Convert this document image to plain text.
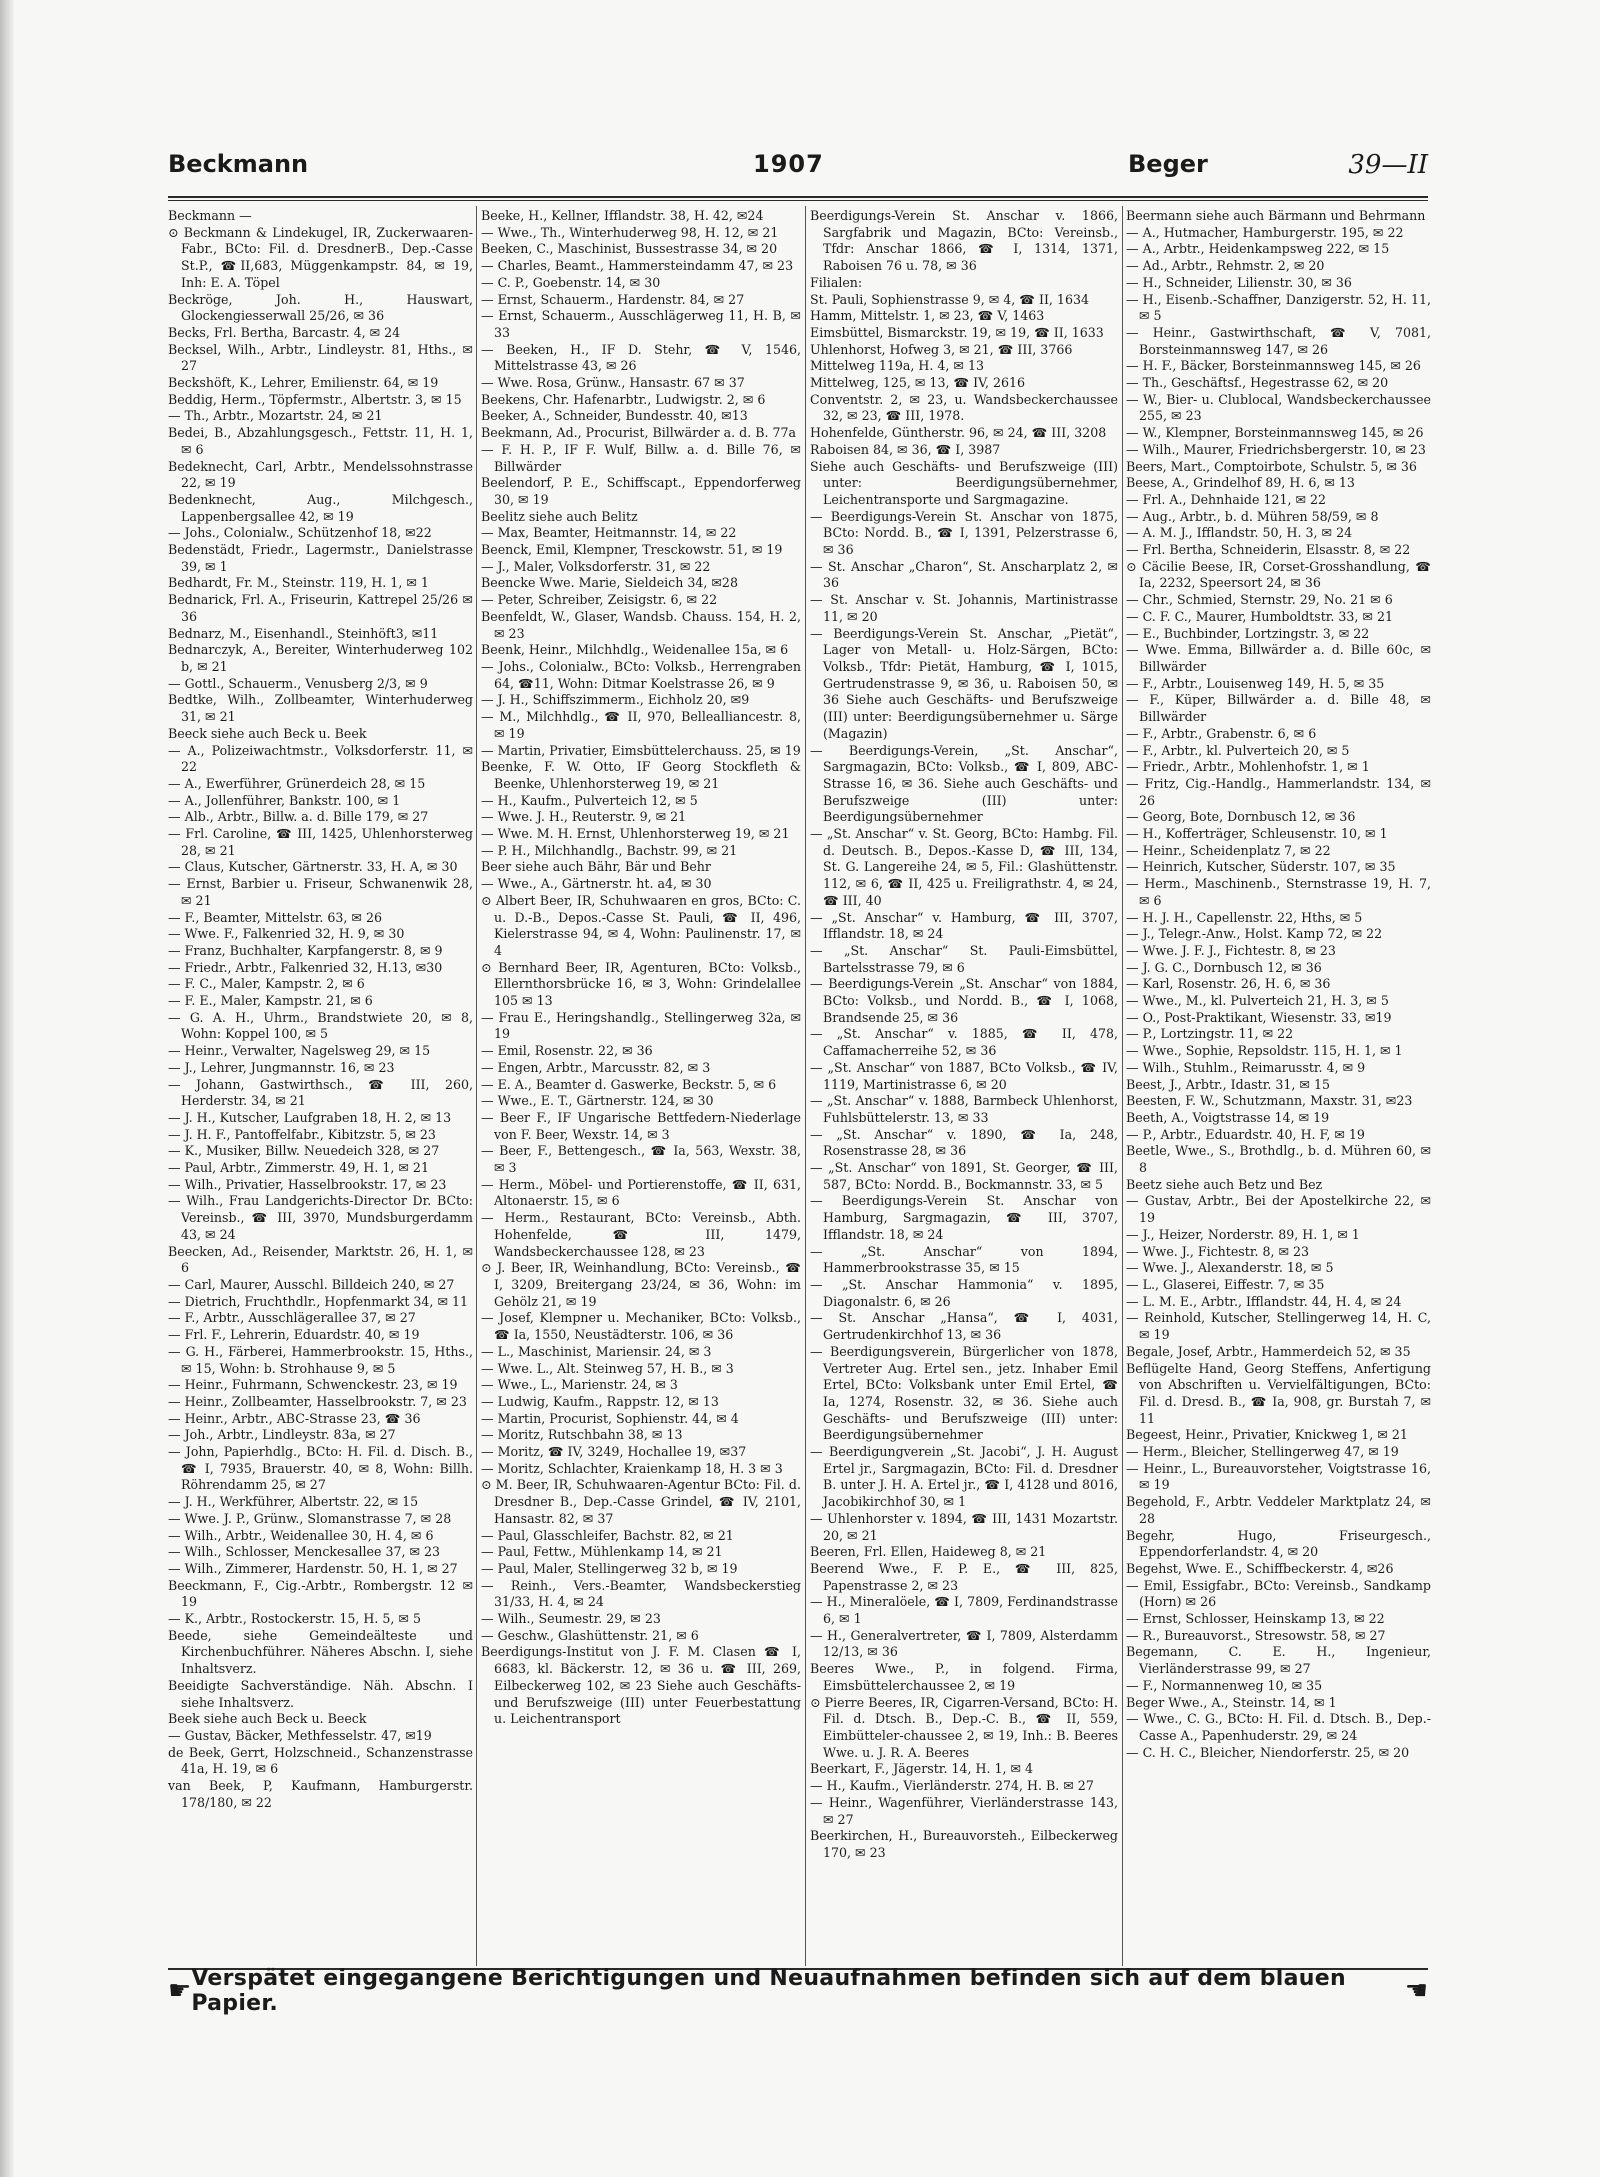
Beckmann	1907	Beger	39—II

Beckmann —

⊙ Beckmann & Lindekugel, IR, Zuckerwaaren-Fabr., BCto: Fil. d. DresdnerB., Dep.-Casse St.P., ☎II,683, Müggenkampstr. 84, ✉ 19, Inh: E. A. Töpel

Beckröge, Joh. H., Hauswart, Glockengiesserwall 25/26, ✉ 36

Becks, Frl. Bertha, Barcastr. 4, ✉ 24

Becksel, Wilh., Arbtr., Lindleystr. 81, Hths., ✉ 27

Beckshöft, K., Lehrer, Emilienstr. 64, ✉ 19

Beddig, Herm., Töpfermstr., Albertstr. 3, ✉ 15

— Th., Arbtr., Mozartstr. 24, ✉ 21

Bedei, B., Abzahlungsgesch., Fettstr. 11, H. 1, ✉ 6

Bedeknecht, Carl, Arbtr., Mendelssohnstrasse 22, ✉ 19

Bedenknecht, Aug., Milchgesch., Lappenbergsallee 42, ✉ 19

— Johs., Colonialw., Schützenhof 18, ✉22

Bedenstädt, Friedr., Lagermstr., Danielstrasse 39, ✉ 1

Bedhardt, Fr. M., Steinstr. 119, H. 1, ✉ 1

Bednarick, Frl. A., Friseurin, Kattrepel 25/26 ✉ 36

Bednarz, M., Eisenhandl., Steinhöft3, ✉11

Bednarczyk, A., Bereiter, Winterhuderweg 102 b, ✉ 21

— Gottl., Schauerm., Venusberg 2/3, ✉ 9

Bedtke, Wilh., Zollbeamter, Winterhuderweg 31, ✉ 21

Beeck siehe auch Beck u. Beek

— A., Polizeiwachtmstr., Volksdorferstr. 11, ✉ 22

— A., Ewerführer, Grünerdeich 28, ✉ 15

— A., Jollenführer, Bankstr. 100, ✉ 1

— Alb., Arbtr., Billw. a. d. Bille 179, ✉ 27

— Frl. Caroline, ☎ III, 1425, Uhlenhorsterweg 28, ✉ 21

— Claus, Kutscher, Gärtnerstr. 33, H. A, ✉ 30

— Ernst, Barbier u. Friseur, Schwanenwik 28, ✉ 21

— F., Beamter, Mittelstr. 63, ✉ 26

— Wwe. F., Falkenried 32, H. 9, ✉ 30

— Franz, Buchhalter, Karpfangerstr. 8, ✉ 9

— Friedr., Arbtr., Falkenried 32, H.13, ✉30

— F. C., Maler, Kampstr. 2, ✉ 6

— F. E., Maler, Kampstr. 21, ✉ 6

— G. A. H., Uhrm., Brandstwiete 20, ✉ 8, Wohn: Koppel 100, ✉ 5

— Heinr., Verwalter, Nagelsweg 29, ✉ 15

— J., Lehrer, Jungmannstr. 16, ✉ 23

— Johann, Gastwirthsch., ☎ III, 260, Herderstr. 34, ✉ 21

— J. H., Kutscher, Laufgraben 18, H. 2, ✉ 13

— J. H. F., Pantoffelfabr., Kibitzstr. 5, ✉ 23

— K., Musiker, Billw. Neuedeich 328, ✉ 27

— Paul, Arbtr., Zimmerstr. 49, H. 1, ✉ 21

— Wilh., Privatier, Hasselbrookstr. 17, ✉ 23

— Wilh., Frau Landgerichts-Director Dr. BCto: Vereinsb., ☎ III, 3970, Mundsburgerdamm 43, ✉ 24

Beecken, Ad., Reisender, Marktstr. 26, H. 1, ✉ 6

— Carl, Maurer, Ausschl. Billdeich 240, ✉ 27

— Dietrich, Fruchthdlr., Hopfenmarkt 34, ✉ 11

— F., Arbtr., Ausschlägerallee 37, ✉ 27

— Frl. F., Lehrerin, Eduardstr. 40, ✉ 19

— G. H., Färberei, Hammerbrookstr. 15, Hths., ✉ 15, Wohn: b. Strohhause 9, ✉ 5

— Heinr., Fuhrmann, Schwenckestr. 23, ✉ 19

— Heinr., Zollbeamter, Hasselbrookstr. 7, ✉ 23

— Heinr., Arbtr., ABC-Strasse 23, ☎ 36

— Joh., Arbtr., Lindleystr. 83a, ✉ 27

— John, Papierhdlg., BCto: H. Fil. d. Disch. B., ☎ I, 7935, Brauerstr. 40, ✉ 8, Wohn: Billh. Röhrendamm 25, ✉ 27

— J. H., Werkführer, Albertstr. 22, ✉ 15

— Wwe. J. P., Grünw., Slomanstrasse 7, ✉ 28

— Wilh., Arbtr., Weidenallee 30, H. 4, ✉ 6

— Wilh., Schlosser, Menckesallee 37, ✉ 23

— Wilh., Zimmerer, Hardenstr. 50, H. 1, ✉ 27

Beeckmann, F., Cig.-Arbtr., Rombergstr. 12 ✉ 19

— K., Arbtr., Rostockerstr. 15, H. 5, ✉ 5

Beede, siehe Gemeindeälteste und Kirchenbuchführer. Näheres Abschn. I, siehe Inhaltsverz.

Beeidigte Sachverständige. Näh. Abschn. I siehe Inhaltsverz.

Beek siehe auch Beck u. Beeck

— Gustav, Bäcker, Methfesselstr. 47, ✉19

de Beek, Gerrt, Holzschneid., Schanzenstrasse 41a, H. 19, ✉ 6

van Beek, P, Kaufmann, Hamburgerstr. 178/180, ✉ 22

Beeke, H., Kellner, Ifflandstr. 38, H. 42, ✉24

— Wwe., Th., Winterhuderweg 98, H. 12, ✉ 21

Beeken, C., Maschinist, Bussestrasse 34, ✉ 20

— Charles, Beamt., Hammersteindamm 47, ✉ 23

— C. P., Goebenstr. 14, ✉ 30

— Ernst, Schauerm., Hardenstr. 84, ✉ 27

— Ernst, Schauerm., Ausschlägerweg 11, H. B, ✉ 33

— Beeken, H., IF D. Stehr, ☎ V, 1546, Mittelstrasse 43, ✉ 26

— Wwe. Rosa, Grünw., Hansastr. 67 ✉ 37

Beekens, Chr. Hafenarbtr., Ludwigstr. 2, ✉ 6

Beeker, A., Schneider, Bundesstr. 40, ✉13

Beekmann, Ad., Procurist, Billwärder a. d. B. 77a

— F. H. P., IF F. Wulf, Billw. a. d. Bille 76, ✉ Billwärder

Beelendorf, P. E., Schiffscapt., Eppendorferweg 30, ✉ 19

Beelitz siehe auch Belitz

— Max, Beamter, Heitmannstr. 14, ✉ 22

Beenck, Emil, Klempner, Tresckowstr. 51, ✉ 19

— J., Maler, Volksdorferstr. 31, ✉ 22

Beencke Wwe. Marie, Sieldeich 34, ✉28

— Peter, Schreiber, Zeisigstr. 6, ✉ 22

Beenfeldt, W., Glaser, Wandsb. Chauss. 154, H. 2, ✉ 23

Beenk, Heinr., Milchhdlg., Weidenallee 15a, ✉ 6

— Johs., Colonialw., BCto: Volksb., Herrengraben 64, ☎11, Wohn: Ditmar Koelstrasse 26, ✉ 9

— J. H., Schiffszimmerm., Eichholz 20, ✉9

— M., Milchhdlg., ☎ II, 970, Bellealliancestr. 8, ✉ 19

— Martin, Privatier, Eimsbüttelerchauss. 25, ✉ 19

Beenke, F. W. Otto, IF Georg Stockfleth & Beenke, Uhlenhorsterweg 19, ✉ 21

— H., Kaufm., Pulverteich 12, ✉ 5

— Wwe. J. H., Reuterstr. 9, ✉ 21

— Wwe. M. H. Ernst, Uhlenhorsterweg 19, ✉ 21

— P. H., Milchhandlg., Bachstr. 99, ✉ 21

Beer siehe auch Bähr, Bär und Behr

— Wwe., A., Gärtnerstr. ht. a4, ✉ 30

⊙ Albert Beer, IR, Schuhwaaren en gros, BCto: C. u. D.-B., Depos.-Casse St. Pauli, ☎ II, 496, Kielerstrasse 94, ✉ 4, Wohn: Paulinenstr. 17, ✉ 4

⊙ Bernhard Beer, IR, Agenturen, BCto: Volksb., Ellernthorsbrücke 16, ✉ 3, Wohn: Grindelallee 105 ✉ 13

— Frau E., Heringshandlg., Stellingerweg 32a, ✉ 19

— Emil, Rosenstr. 22, ✉ 36

— Engen, Arbtr., Marcusstr. 82, ✉ 3

— E. A., Beamter d. Gaswerke, Beckstr. 5, ✉ 6

— Wwe., E. T., Gärtnerstr. 124, ✉ 30

— Beer F., IF Ungarische Bettfedern-Niederlage von F. Beer, Wexstr. 14, ✉ 3

— Beer, F., Bettengesch., ☎ Ia, 563, Wexstr. 38, ✉ 3

— Herm., Möbel- und Portierenstoffe, ☎ II, 631, Altonaerstr. 15, ✉ 6

— Herm., Restaurant, BCto: Vereinsb., Abth. Hohenfelde, ☎ III, 1479, Wandsbeckerchaussee 128, ✉ 23

⊙ J. Beer, IR, Weinhandlung, BCto: Vereinsb., ☎ I, 3209, Breitergang 23/24, ✉ 36, Wohn: im Gehölz 21, ✉ 19

— Josef, Klempner u. Mechaniker, BCto: Volksb., ☎ Ia, 1550, Neustädterstr. 106, ✉ 36

— L., Maschinist, Mariensir. 24, ✉ 3

— Wwe. L., Alt. Steinweg 57, H. B., ✉ 3

— Wwe., L., Marienstr. 24, ✉ 3

— Ludwig, Kaufm., Rappstr. 12, ✉ 13

— Martin, Procurist, Sophienstr. 44, ✉ 4

— Moritz, Rutschbahn 38, ✉ 13

— Moritz, ☎ IV, 3249, Hochallee 19, ✉37

— Moritz, Schlachter, Kraienkamp 18, H. 3 ✉ 3

⊙ M. Beer, IR, Schuhwaaren-Agentur BCto: Fil. d. Dresdner B., Dep.-Casse Grindel, ☎ IV, 2101, Hansastr. 82, ✉ 37

— Paul, Glasschleifer, Bachstr. 82, ✉ 21

— Paul, Fettw., Mühlenkamp 14, ✉ 21

— Paul, Maler, Stellingerweg 32 b, ✉ 19

— Reinh., Vers.-Beamter, Wandsbeckerstieg 31/33, H. 4, ✉ 24

— Wilh., Seumestr. 29, ✉ 23

— Geschw., Glashüttenstr. 21, ✉ 6

Beerdigungs-Institut von J. F. M. Clasen ☎ I, 6683, kl. Bäckerstr. 12, ✉ 36 u. ☎ III, 269, Eilbeckerweg 102, ✉ 23 Siehe auch Geschäfts- und Berufszweige (III) unter Feuerbestattung u. Leichentransport

Beerdigungs-Verein St. Anschar v. 1866, Sargfabrik und Magazin, BCto: Vereinsb., Tfdr: Anschar 1866, ☎ I, 1314, 1371, Raboisen 76 u. 78, ✉ 36

Filialen:

St. Pauli, Sophienstrasse 9, ✉ 4, ☎ II, 1634

Hamm, Mittelstr. 1, ✉ 23, ☎ V, 1463

Eimsbüttel, Bismarckstr. 19, ✉ 19, ☎ II, 1633

Uhlenhorst, Hofweg 3, ✉ 21, ☎ III, 3766

Mittelweg 119a, H. 4, ✉ 13

Mittelweg, 125, ✉ 13, ☎ IV, 2616

Conventstr. 2, ✉ 23, u. Wandsbeckerchaussee 32, ✉ 23, ☎ III, 1978.

Hohenfelde, Güntherstr. 96, ✉ 24, ☎ III, 3208

Raboisen 84, ✉ 36, ☎ I, 3987

Siehe auch Geschäfts- und Berufszweige (III) unter: Beerdigungsübernehmer, Leichentransporte und Sargmagazine.

— Beerdigungs-Verein St. Anschar von 1875, BCto: Nordd. B., ☎ I, 1391, Pelzerstrasse 6, ✉ 36

— St. Anschar „Charon“, St. Anscharplatz 2, ✉ 36

— St. Anschar v. St. Johannis, Martinistrasse 11, ✉ 20

— Beerdigungs-Verein St. Anschar, „Pietät“, Lager von Metall- u. Holz-Särgen, BCto: Volksb., Tfdr: Pietät, Hamburg, ☎ I, 1015, Gertrudenstrasse 9, ✉ 36, u. Raboisen 50, ✉ 36 Siehe auch Geschäfts- und Berufszweige (III) unter: Beerdigungsübernehmer u. Särge (Magazin)

— Beerdigungs-Verein, „St. Anschar“, Sargmagazin, BCto: Volksb., ☎ I, 809, ABC-Strasse 16, ✉ 36. Siehe auch Geschäfts- und Berufszweige (III) unter: Beerdigungsübernehmer

— „St. Anschar“ v. St. Georg, BCto: Hambg. Fil. d. Deutsch. B., Depos.-Kasse D, ☎ III, 134, St. G. Langereihe 24, ✉ 5, Fil.: Glashüttenstr. 112, ✉ 6, ☎ II, 425 u. Freiligrathstr. 4, ✉ 24, ☎ III, 40

— „St. Anschar“ v. Hamburg, ☎ III, 3707, Ifflandstr. 18, ✉ 24

— „St. Anschar“ St. Pauli-Eimsbüttel, Bartelsstrasse 79, ✉ 6

— Beerdigungs-Verein „St. Anschar“ von 1884, BCto: Volksb., und Nordd. B., ☎ I, 1068, Brandsende 25, ✉ 36

— „St. Anschar“ v. 1885, ☎ II, 478, Caffamacherreihe 52, ✉ 36

— „St. Anschar“ von 1887, BCto Volksb., ☎ IV, 1119, Martinistrasse 6, ✉ 20

— „St. Anschar“ v. 1888, Barmbeck Uhlenhorst, Fuhlsbüttelerstr. 13, ✉ 33

— „St. Anschar“ v. 1890, ☎ Ia, 248, Rosenstrasse 28, ✉ 36

— „St. Anschar“ von 1891, St. Georger, ☎ III, 587, BCto: Nordd. B., Bockmannstr. 33, ✉ 5

— Beerdigungs-Verein St. Anschar von Hamburg, Sargmagazin, ☎ III, 3707, Ifflandstr. 18, ✉ 24

— „St. Anschar“ von 1894, Hammerbrookstrasse 35, ✉ 15

— „St. Anschar Hammonia“ v. 1895, Diagonalstr. 6, ✉ 26

— St. Anschar „Hansa“, ☎ I, 4031, Gertrudenkirchhof 13, ✉ 36

— Beerdigungsverein, Bürgerlicher von 1878, Vertreter Aug. Ertel sen., jetz. Inhaber Emil Ertel, BCto: Volksbank unter Emil Ertel, ☎ Ia, 1274, Rosenstr. 32, ✉ 36. Siehe auch Geschäfts- und Berufszweige (III) unter: Beerdigungsübernehmer

— Beerdigungverein „St. Jacobi“, J. H. August Ertel jr., Sargmagazin, BCto: Fil. d. Dresdner B. unter J. H. A. Ertel jr., ☎ I, 4128 und 8016, Jacobikirchhof 30, ✉ 1

— Uhlenhorster v. 1894, ☎ III, 1431 Mozartstr. 20, ✉ 21

Beeren, Frl. Ellen, Haideweg 8, ✉ 21

Beerend Wwe., F. P. E., ☎ III, 825, Papenstrasse 2, ✉ 23

— H., Mineralöele, ☎ I, 7809, Ferdinandstrasse 6, ✉ 1

— H., Generalvertreter, ☎ I, 7809, Alsterdamm 12/13, ✉ 36

Beeres Wwe., P., in folgend. Firma, Eimsbüttelerchaussee 2, ✉ 19

⊙ Pierre Beeres, IR, Cigarren-Versand, BCto: H. Fil. d. Dtsch. B., Dep.-C. B., ☎ II, 559, Eimbütteler-chaussee 2, ✉ 19, Inh.: B. Beeres Wwe. u. J. R. A. Beeres

Beerkart, F., Jägerstr. 14, H. 1, ✉ 4

— H., Kaufm., Vierländerstr. 274, H. B. ✉ 27

— Heinr., Wagenführer, Vierländerstrasse 143, ✉ 27

Beerkirchen, H., Bureauvorsteh., Eilbeckerweg 170, ✉ 23

Beermann siehe auch Bärmann und Behrmann

— A., Hutmacher, Hamburgerstr. 195, ✉ 22

— A., Arbtr., Heidenkampsweg 222, ✉ 15

— Ad., Arbtr., Rehmstr. 2, ✉ 20

— H., Schneider, Lilienstr. 30, ✉ 36

— H., Eisenb.-Schaffner, Danzigerstr. 52, H. 11, ✉ 5

— Heinr., Gastwirthschaft, ☎ V, 7081, Borsteinmannsweg 147, ✉ 26

— H. F., Bäcker, Borsteinmannsweg 145, ✉ 26

— Th., Geschäftsf., Hegestrasse 62, ✉ 20

— W., Bier- u. Clublocal, Wandsbeckerchaussee 255, ✉ 23

— W., Klempner, Borsteinmannsweg 145, ✉ 26

— Wilh., Maurer, Friedrichsbergerstr. 10, ✉ 23

Beers, Mart., Comptoirbote, Schulstr. 5, ✉ 36

Beese, A., Grindelhof 89, H. 6, ✉ 13

— Frl. A., Dehnhaide 121, ✉ 22

— Aug., Arbtr., b. d. Mühren 58/59, ✉ 8

— A. M. J., Ifflandstr. 50, H. 3, ✉ 24

— Frl. Bertha, Schneiderin, Elsasstr. 8, ✉ 22

⊙ Cäcilie Beese, IR, Corset-Grosshandlung, ☎ Ia, 2232, Speersort 24, ✉ 36

— Chr., Schmied, Sternstr. 29, No. 21 ✉ 6

— C. F. C., Maurer, Humboldtstr. 33, ✉ 21

— E., Buchbinder, Lortzingstr. 3, ✉ 22

— Wwe. Emma, Billwärder a. d. Bille 60c, ✉ Billwärder

— F., Arbtr., Louisenweg 149, H. 5, ✉ 35

— F., Küper, Billwärder a. d. Bille 48, ✉ Billwärder

— F., Arbtr., Grabenstr. 6, ✉ 6

— F., Arbtr., kl. Pulverteich 20, ✉ 5

— Friedr., Arbtr., Mohlenhofstr. 1, ✉ 1

— Fritz, Cig.-Handlg., Hammerlandstr. 134, ✉ 26

— Georg, Bote, Dornbusch 12, ✉ 36

— H., Kofferträger, Schleusenstr. 10, ✉ 1

— Heinr., Scheidenplatz 7, ✉ 22

— Heinrich, Kutscher, Süderstr. 107, ✉ 35

— Herm., Maschinenb., Sternstrasse 19, H. 7, ✉ 6

— H. J. H., Capellenstr. 22, Hths, ✉ 5

— J., Telegr.-Anw., Holst. Kamp 72, ✉ 22

— Wwe. J. F. J., Fichtestr. 8, ✉ 23

— J. G. C., Dornbusch 12, ✉ 36

— Karl, Rosenstr. 26, H. 6, ✉ 36

— Wwe., M., kl. Pulverteich 21, H. 3, ✉ 5

— O., Post-Praktikant, Wiesenstr. 33, ✉19

— P., Lortzingstr. 11, ✉ 22

— Wwe., Sophie, Repsoldstr. 115, H. 1, ✉ 1

— Wilh., Stuhlm., Reimarusstr. 4, ✉ 9

Beest, J., Arbtr., Idastr. 31, ✉ 15

Beesten, F. W., Schutzmann, Maxstr. 31, ✉23

Beeth, A., Voigtstrasse 14, ✉ 19

— P., Arbtr., Eduardstr. 40, H. F, ✉ 19

Beetle, Wwe., S., Brothdlg., b. d. Mühren 60, ✉ 8

Beetz siehe auch Betz und Bez

— Gustav, Arbtr., Bei der Apostelkirche 22, ✉ 19

— J., Heizer, Norderstr. 89, H. 1, ✉ 1

— Wwe. J., Fichtestr. 8, ✉ 23

— Wwe. J., Alexanderstr. 18, ✉ 5

— L., Glaserei, Eiffestr. 7, ✉ 35

— L. M. E., Arbtr., Ifflandstr. 44, H. 4, ✉ 24

— Reinhold, Kutscher, Stellingerweg 14, H. C, ✉ 19

Begale, Josef, Arbtr., Hammerdeich 52, ✉ 35

Beflügelte Hand, Georg Steffens, Anfertigung von Abschriften u. Vervielfältigungen, BCto: Fil. d. Dresd. B., ☎ Ia, 908, gr. Burstah 7, ✉ 11

Begeest, Heinr., Privatier, Knickweg 1, ✉ 21

— Herm., Bleicher, Stellingerweg 47, ✉ 19

— Heinr., L., Bureauvorsteher, Voigtstrasse 16, ✉ 19

Begehold, F., Arbtr. Veddeler Marktplatz 24, ✉ 28

Begehr, Hugo, Friseurgesch., Eppendorferlandstr. 4, ✉ 20

Begehst, Wwe. E., Schiffbeckerstr. 4, ✉26

— Emil, Essigfabr., BCto: Vereinsb., Sandkamp (Horn) ✉ 26

— Ernst, Schlosser, Heinskamp 13, ✉ 22

— R., Bureauvorst., Stresowstr. 58, ✉ 27

Begemann, C. E. H., Ingenieur, Vierländerstrasse 99, ✉ 27

— F., Normannenweg 10, ✉ 35

Beger Wwe., A., Steinstr. 14, ✉ 1

— Wwe., C. G., BCto: H. Fil. d. Dtsch. B., Dep.-Casse A., Papenhuderstr. 29, ✉ 24

— C. H. C., Bleicher, Niendorferstr. 25, ✉ 20

☛ Verspätet eingegangene Berichtigungen und Neuaufnahmen befinden sich auf dem blauen Papier.	☚
